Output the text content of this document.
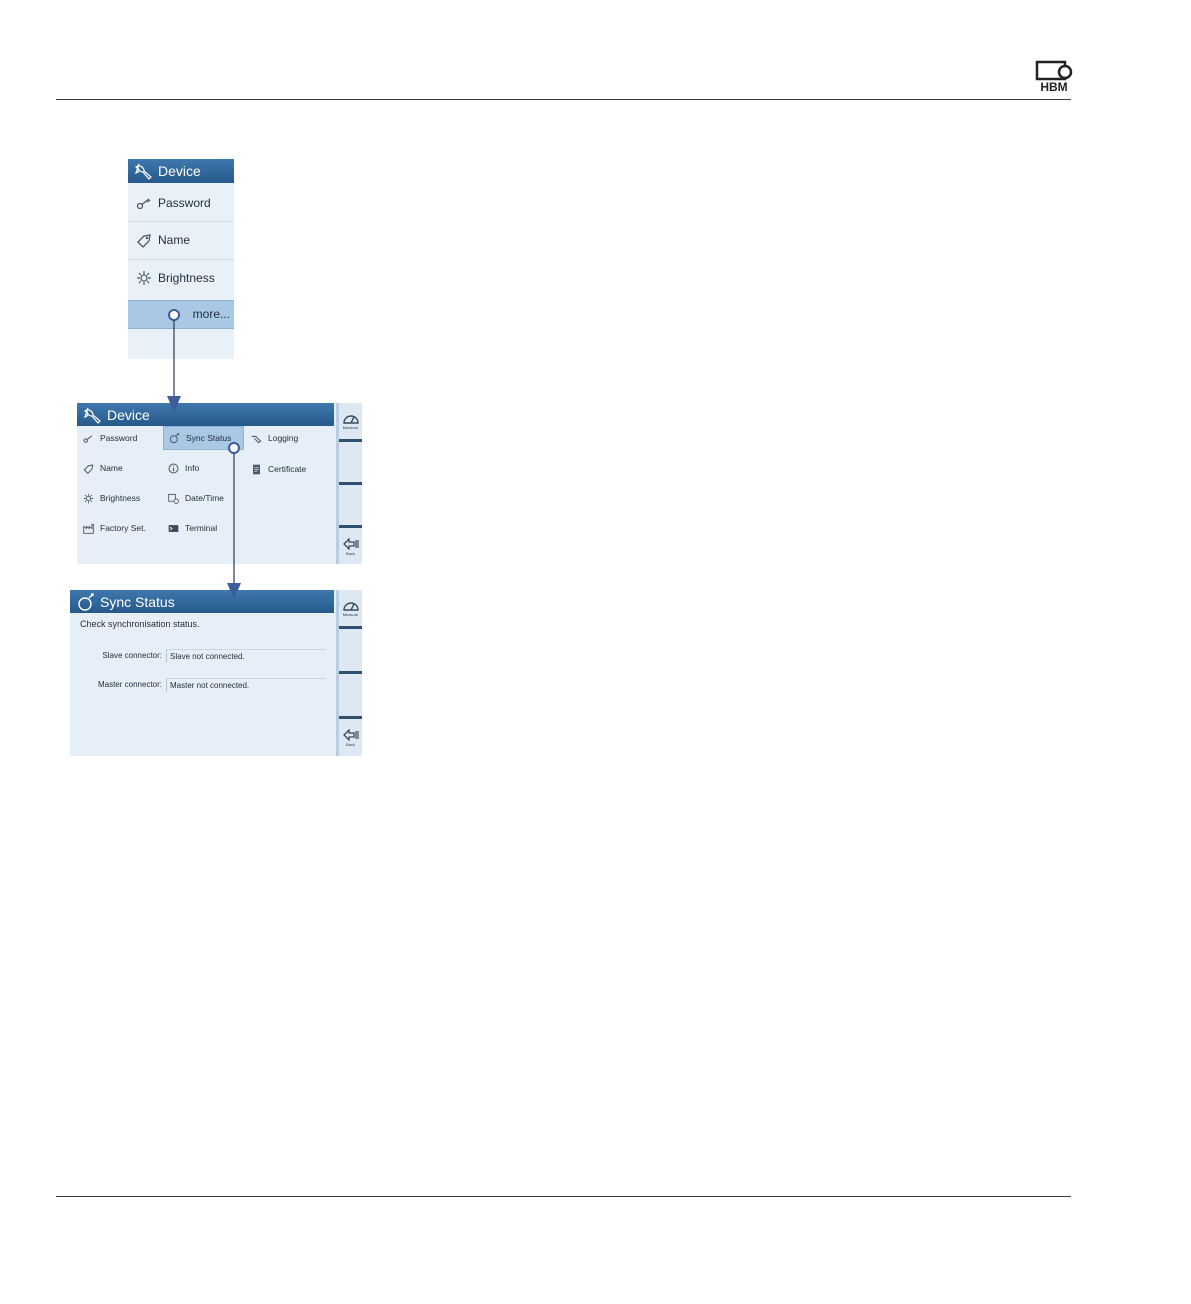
HBM
Device
Password
Name
Brightness
more...
Device
Password
Name
Brightness
Factory Set.
Sync Status
Info
Date/Time
Terminal
Logging
Certificate
Measure
Back
Sync Status
Check synchronisation status.
Slave connector:	Slave not connected.
Master connector:	Master not connected.
Measure
Back
